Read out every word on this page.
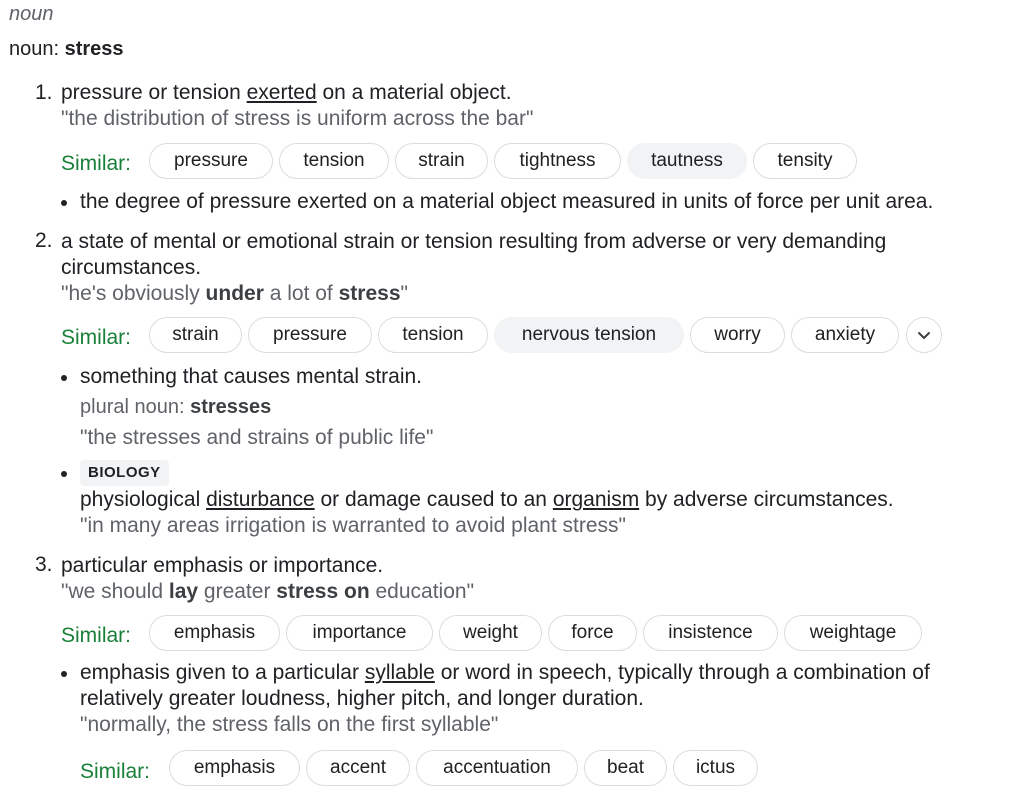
noun
noun: stress
1. pressure or tension exerted on a material object.
"the distribution of stress is uniform across the bar"
Similar:	pressure	tension	strain	tightness	tautness	tensity
the degree of pressure exerted on a material object measured in units of force per unit area.
2. a state of mental or emotional strain or tension resulting from adverse or very demanding
circumstances.
"he's obviously under a lot of stress"
Similar:	strain	pressure	tension	nervous tension	worry	anxiety
something that causes mental strain.
plural noun: stresses
"the stresses and strains of public life"
BIOLOGY
physiological disturbance or damage caused to an organism by adverse circumstances.
"in many areas irrigation is warranted to avoid plant stress"
3. particular emphasis or importance.
"we should lay greater stress on education"
Similar:	emphasis	importance	weight	force	insistence	weightage
emphasis given to a particular syllable or word in speech, typically through a combination of
relatively greater loudness, higher pitch, and longer duration.
"normally, the stress falls on the first syllable"
Similar:	emphasis	accent	accentuation	beat	ictus
